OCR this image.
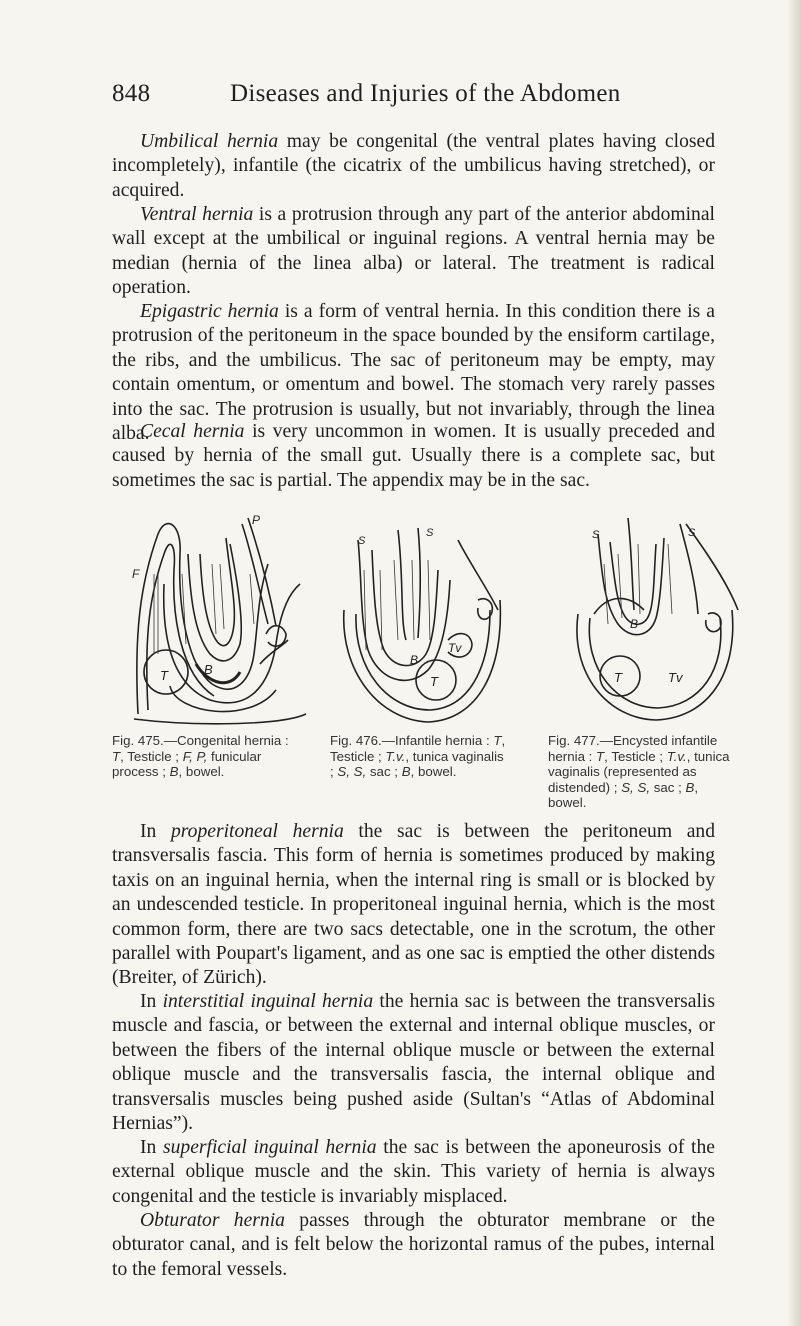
848	Diseases and Injuries of the Abdomen

Umbilical hernia may be congenital (the ventral plates having closed incompletely), infantile (the cicatrix of the umbilicus having stretched), or acquired.

Ventral hernia is a protrusion through any part of the anterior abdominal wall except at the umbilical or inguinal regions. A ventral hernia may be median (hernia of the linea alba) or lateral. The treatment is radical operation.

Epigastric hernia is a form of ventral hernia. In this condition there is a protrusion of the peritoneum in the space bounded by the ensiform cartilage, the ribs, and the umbilicus. The sac of peritoneum may be empty, may contain omentum, or omentum and bowel. The stomach very rarely passes into the sac. The protrusion is usually, but not invariably, through the linea alba.

Cecal hernia is very uncommon in women. It is usually preceded and caused by hernia of the small gut. Usually there is a complete sac, but sometimes the sac is partial. The appendix may be in the sac.

F
P
T	B

Fig. 475.—Congenital hernia : T, Testicle ; F, P, funicular process ; B, bowel.

S
S
Tv
B
T

Fig. 476.—Infantile hernia : T, Testicle ; T.v., tunica vaginalis ; S, S, sac ; B, bowel.

S	S
B
T	Tv

Fig. 477.—Encysted infantile hernia : T, Testicle ; T.v., tunica vaginalis (represented as distended) ; S, S, sac ; B, bowel.

In properitoneal hernia the sac is between the peritoneum and transversalis fascia. This form of hernia is sometimes produced by making taxis on an inguinal hernia, when the internal ring is small or is blocked by an undescended testicle. In properitoneal inguinal hernia, which is the most common form, there are two sacs detectable, one in the scrotum, the other parallel with Poupart's ligament, and as one sac is emptied the other distends (Breiter, of Zürich).

In interstitial inguinal hernia the hernia sac is between the transversalis muscle and fascia, or between the external and internal oblique muscles, or between the fibers of the internal oblique muscle or between the external oblique muscle and the transversalis fascia, the internal oblique and transversalis muscles being pushed aside (Sultan's “Atlas of Abdominal Hernias”).

In superficial inguinal hernia the sac is between the aponeurosis of the external oblique muscle and the skin. This variety of hernia is always congenital and the testicle is invariably misplaced.

Obturator hernia passes through the obturator membrane or the obturator canal, and is felt below the horizontal ramus of the pubes, internal to the femoral vessels.
